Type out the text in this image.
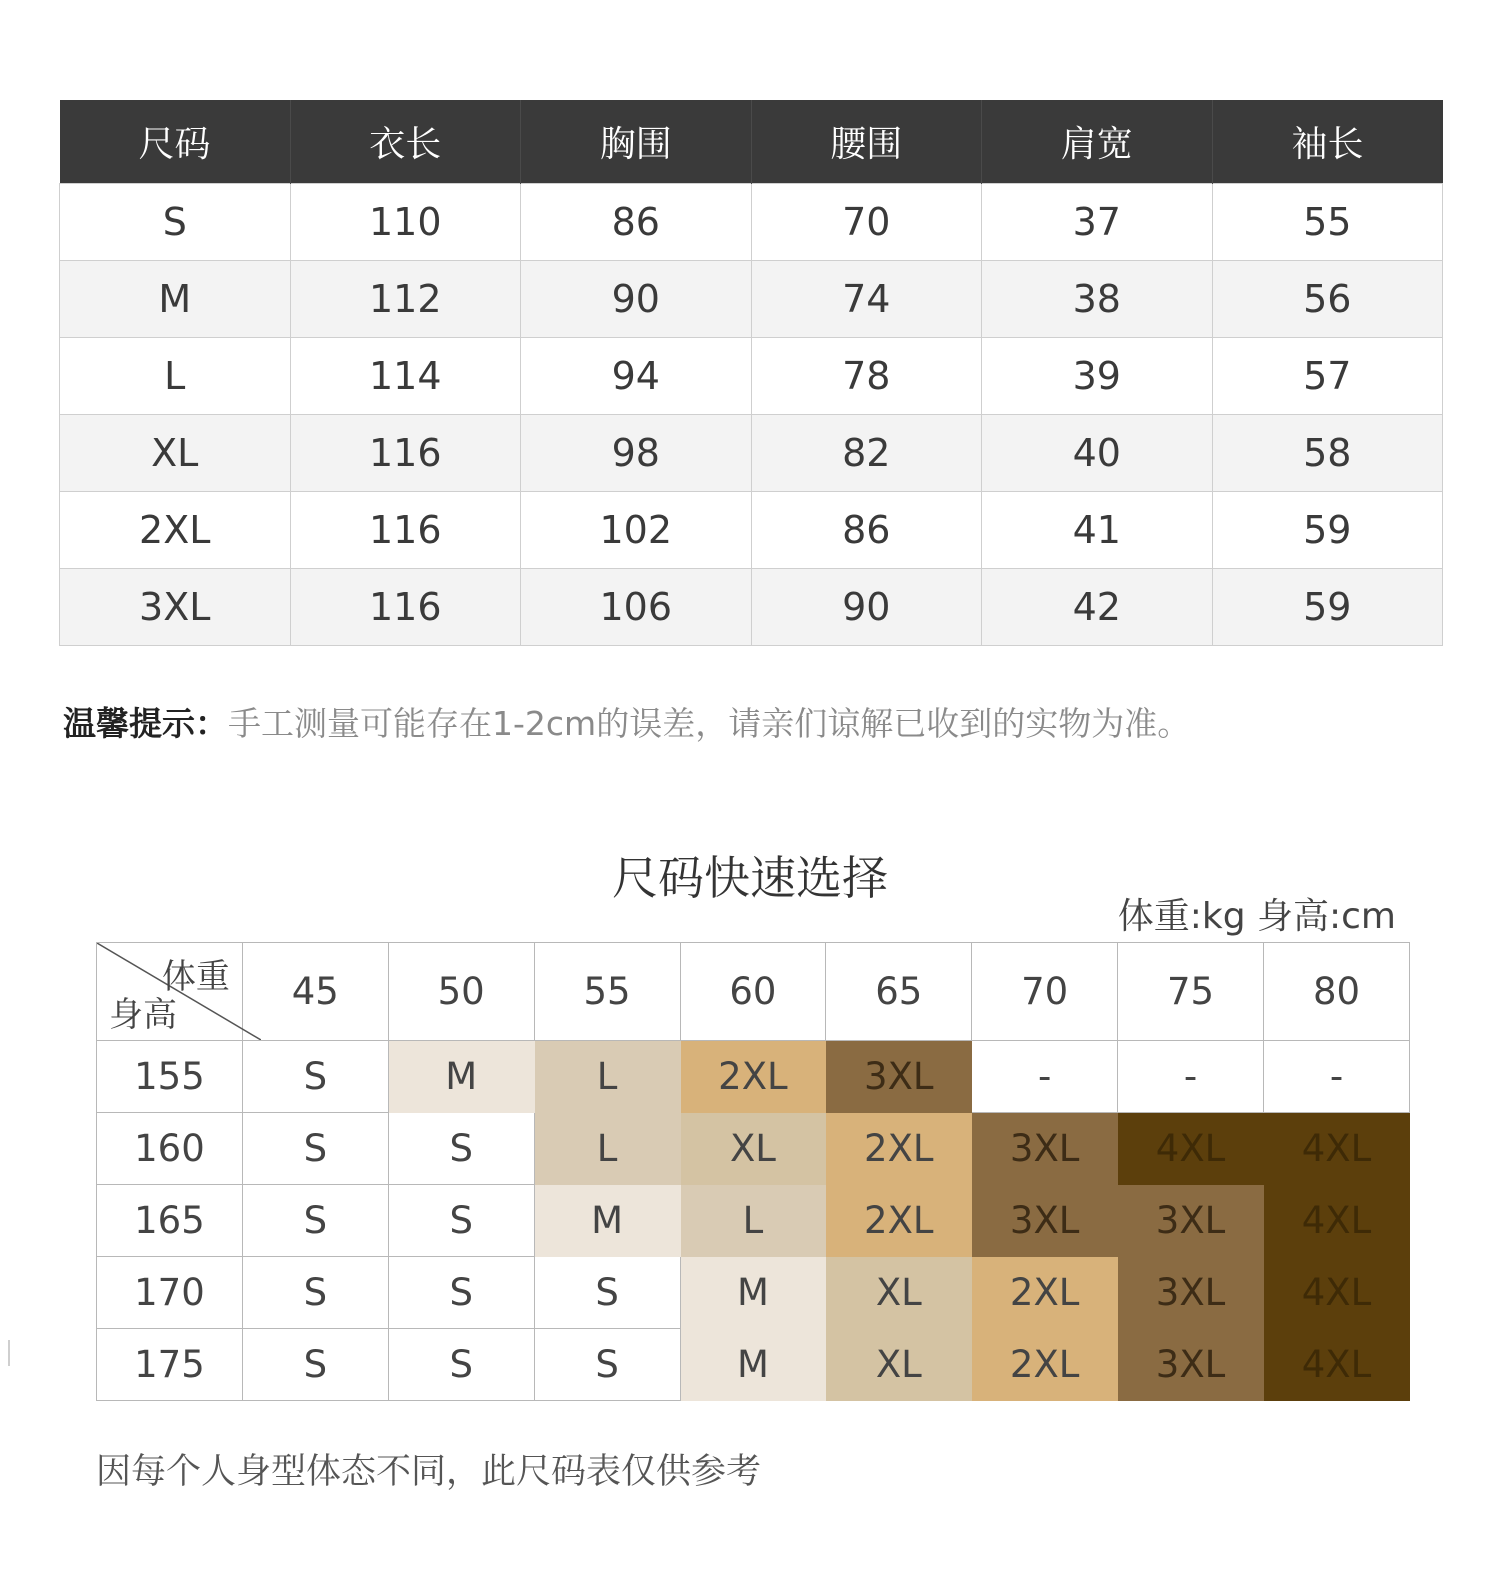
尺码	衣长	胸围	腰围	肩宽	袖长
S	110	86	70	37	55
M	112	90	74	38	56
L	114	94	78	39	57
XL	116	98	82	40	58
2XL	116	102	86	41	59
3XL	116	106	90	42	59
温馨提示：手工测量可能存在1-2cm的误差，请亲们谅解已收到的实物为准。
尺码快速选择
体重:kg 身高:cm
体重
身高	45	50	55	60	65	70	75	80
155	S	M	L	2XL	3XL	-	-	-
160	S	S	L	XL	2XL	3XL	4XL	4XL
165	S	S	M	L	2XL	3XL	3XL	4XL
170	S	S	S	M	XL	2XL	3XL	4XL
175	S	S	S	M	XL	2XL	3XL	4XL
因每个人身型体态不同，此尺码表仅供参考
